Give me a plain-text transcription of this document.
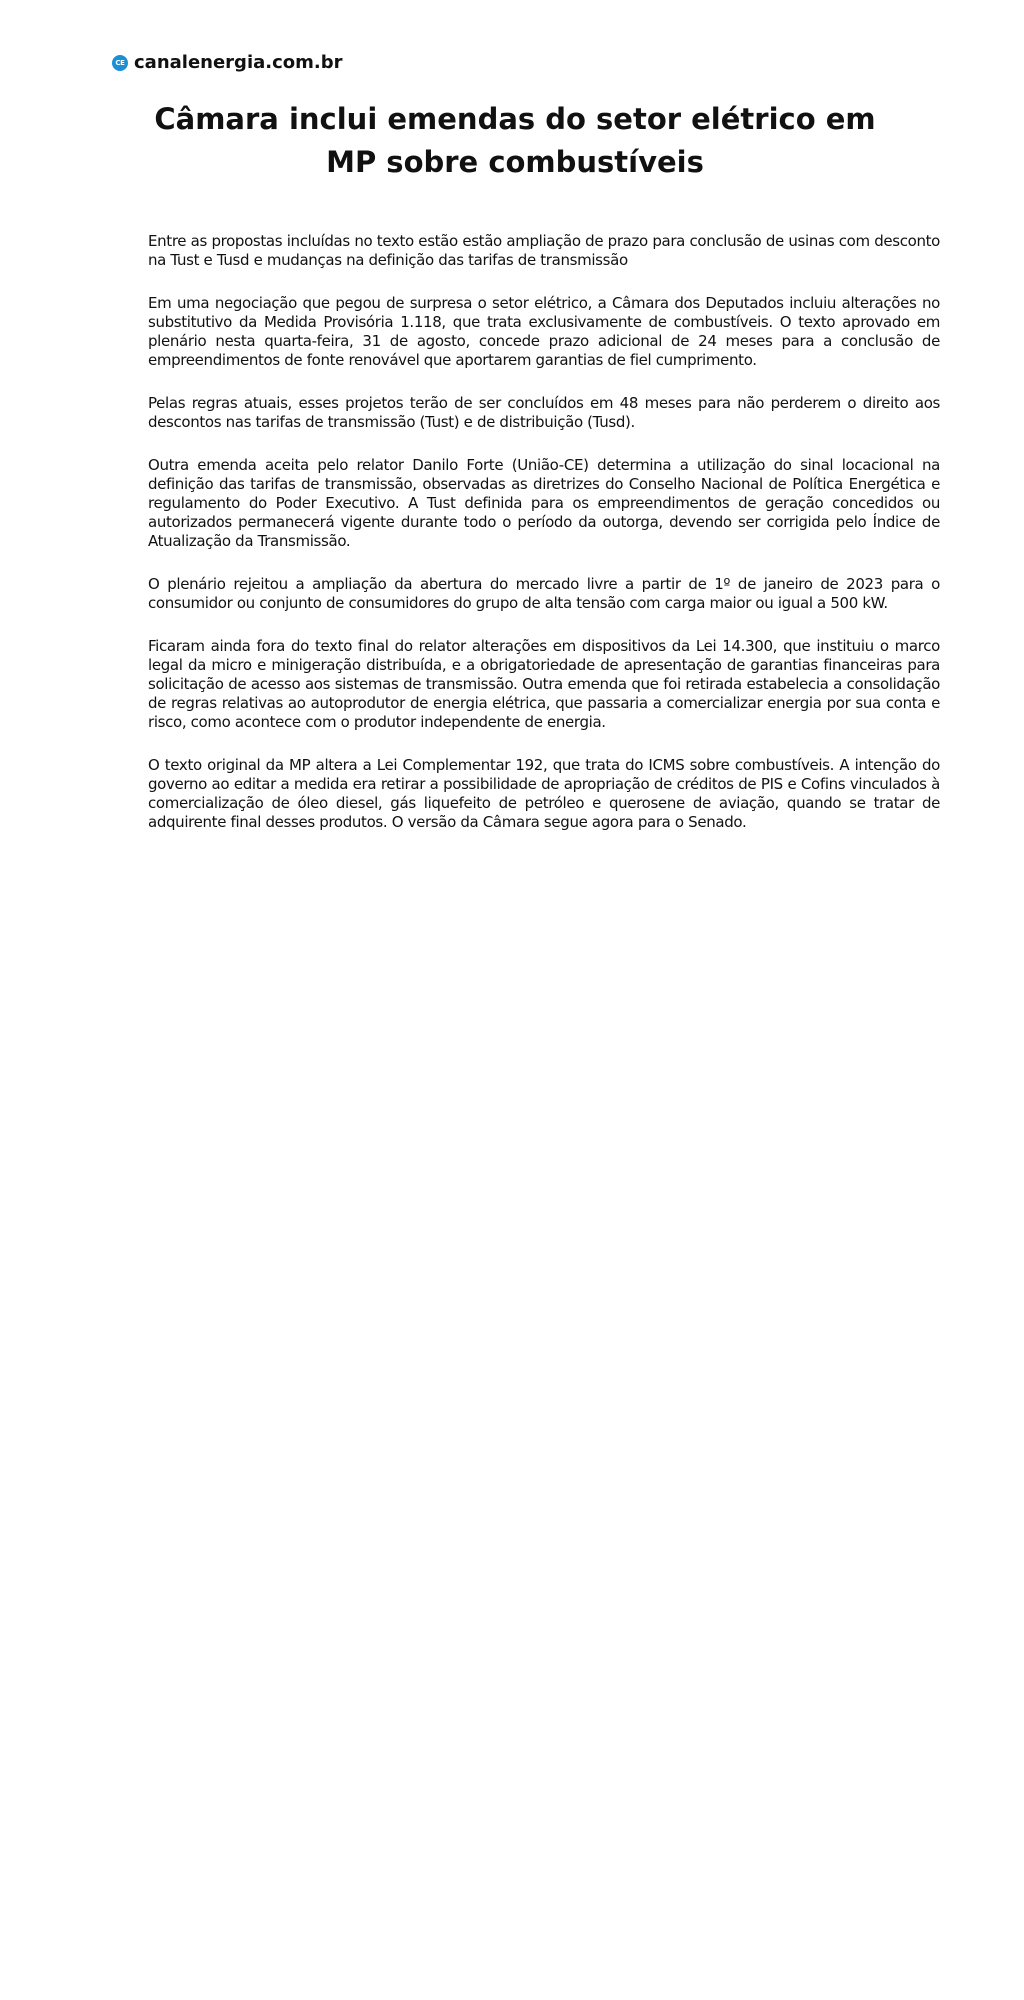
CE canalenergia.com.br
Câmara inclui emendas do setor elétrico em MP sobre combustíveis

Entre as propostas incluídas no texto estão estão ampliação de prazo para conclusão de usinas com desconto na Tust e Tusd e mudanças na definição das tarifas de transmissão

Em uma negociação que pegou de surpresa o setor elétrico, a Câmara dos Deputados incluiu alterações no substitutivo da Medida Provisória 1.118, que trata exclusivamente de combustíveis. O texto aprovado em plenário nesta quarta-feira, 31 de agosto, concede prazo adicional de 24 meses para a conclusão de empreendimentos de fonte renovável que aportarem garantias de fiel cumprimento.

Pelas regras atuais, esses projetos terão de ser concluídos em 48 meses para não perderem o direito aos descontos nas tarifas de transmissão (Tust) e de distribuição (Tusd).

Outra emenda aceita pelo relator Danilo Forte (União-CE) determina a utilização do sinal locacional na definição das tarifas de transmissão, observadas as diretrizes do Conselho Nacional de Política Energética e regulamento do Poder Executivo. A Tust definida para os empreendimentos de geração concedidos ou autorizados permanecerá vigente durante todo o período da outorga, devendo ser corrigida pelo Índice de Atualização da Transmissão.

O plenário rejeitou a ampliação da abertura do mercado livre a partir de 1º de janeiro de 2023 para o consumidor ou conjunto de consumidores do grupo de alta tensão com carga maior ou igual a 500 kW.

Ficaram ainda fora do texto final do relator alterações em dispositivos da Lei 14.300, que instituiu o marco legal da micro e minigeração distribuída, e a obrigatoriedade de apresentação de garantias financeiras para solicitação de acesso aos sistemas de transmissão. Outra emenda que foi retirada estabelecia a consolidação de regras relativas ao autoprodutor de energia elétrica, que passaria a comercializar energia por sua conta e risco, como acontece com o produtor independente de energia.

O texto original da MP altera a Lei Complementar 192, que trata do ICMS sobre combustíveis. A intenção do governo ao editar a medida era retirar a possibilidade de apropriação de créditos de PIS e Cofins vinculados à comercialização de óleo diesel, gás liquefeito de petróleo e querosene de aviação, quando se tratar de adquirente final desses produtos. O versão da Câmara segue agora para o Senado.
